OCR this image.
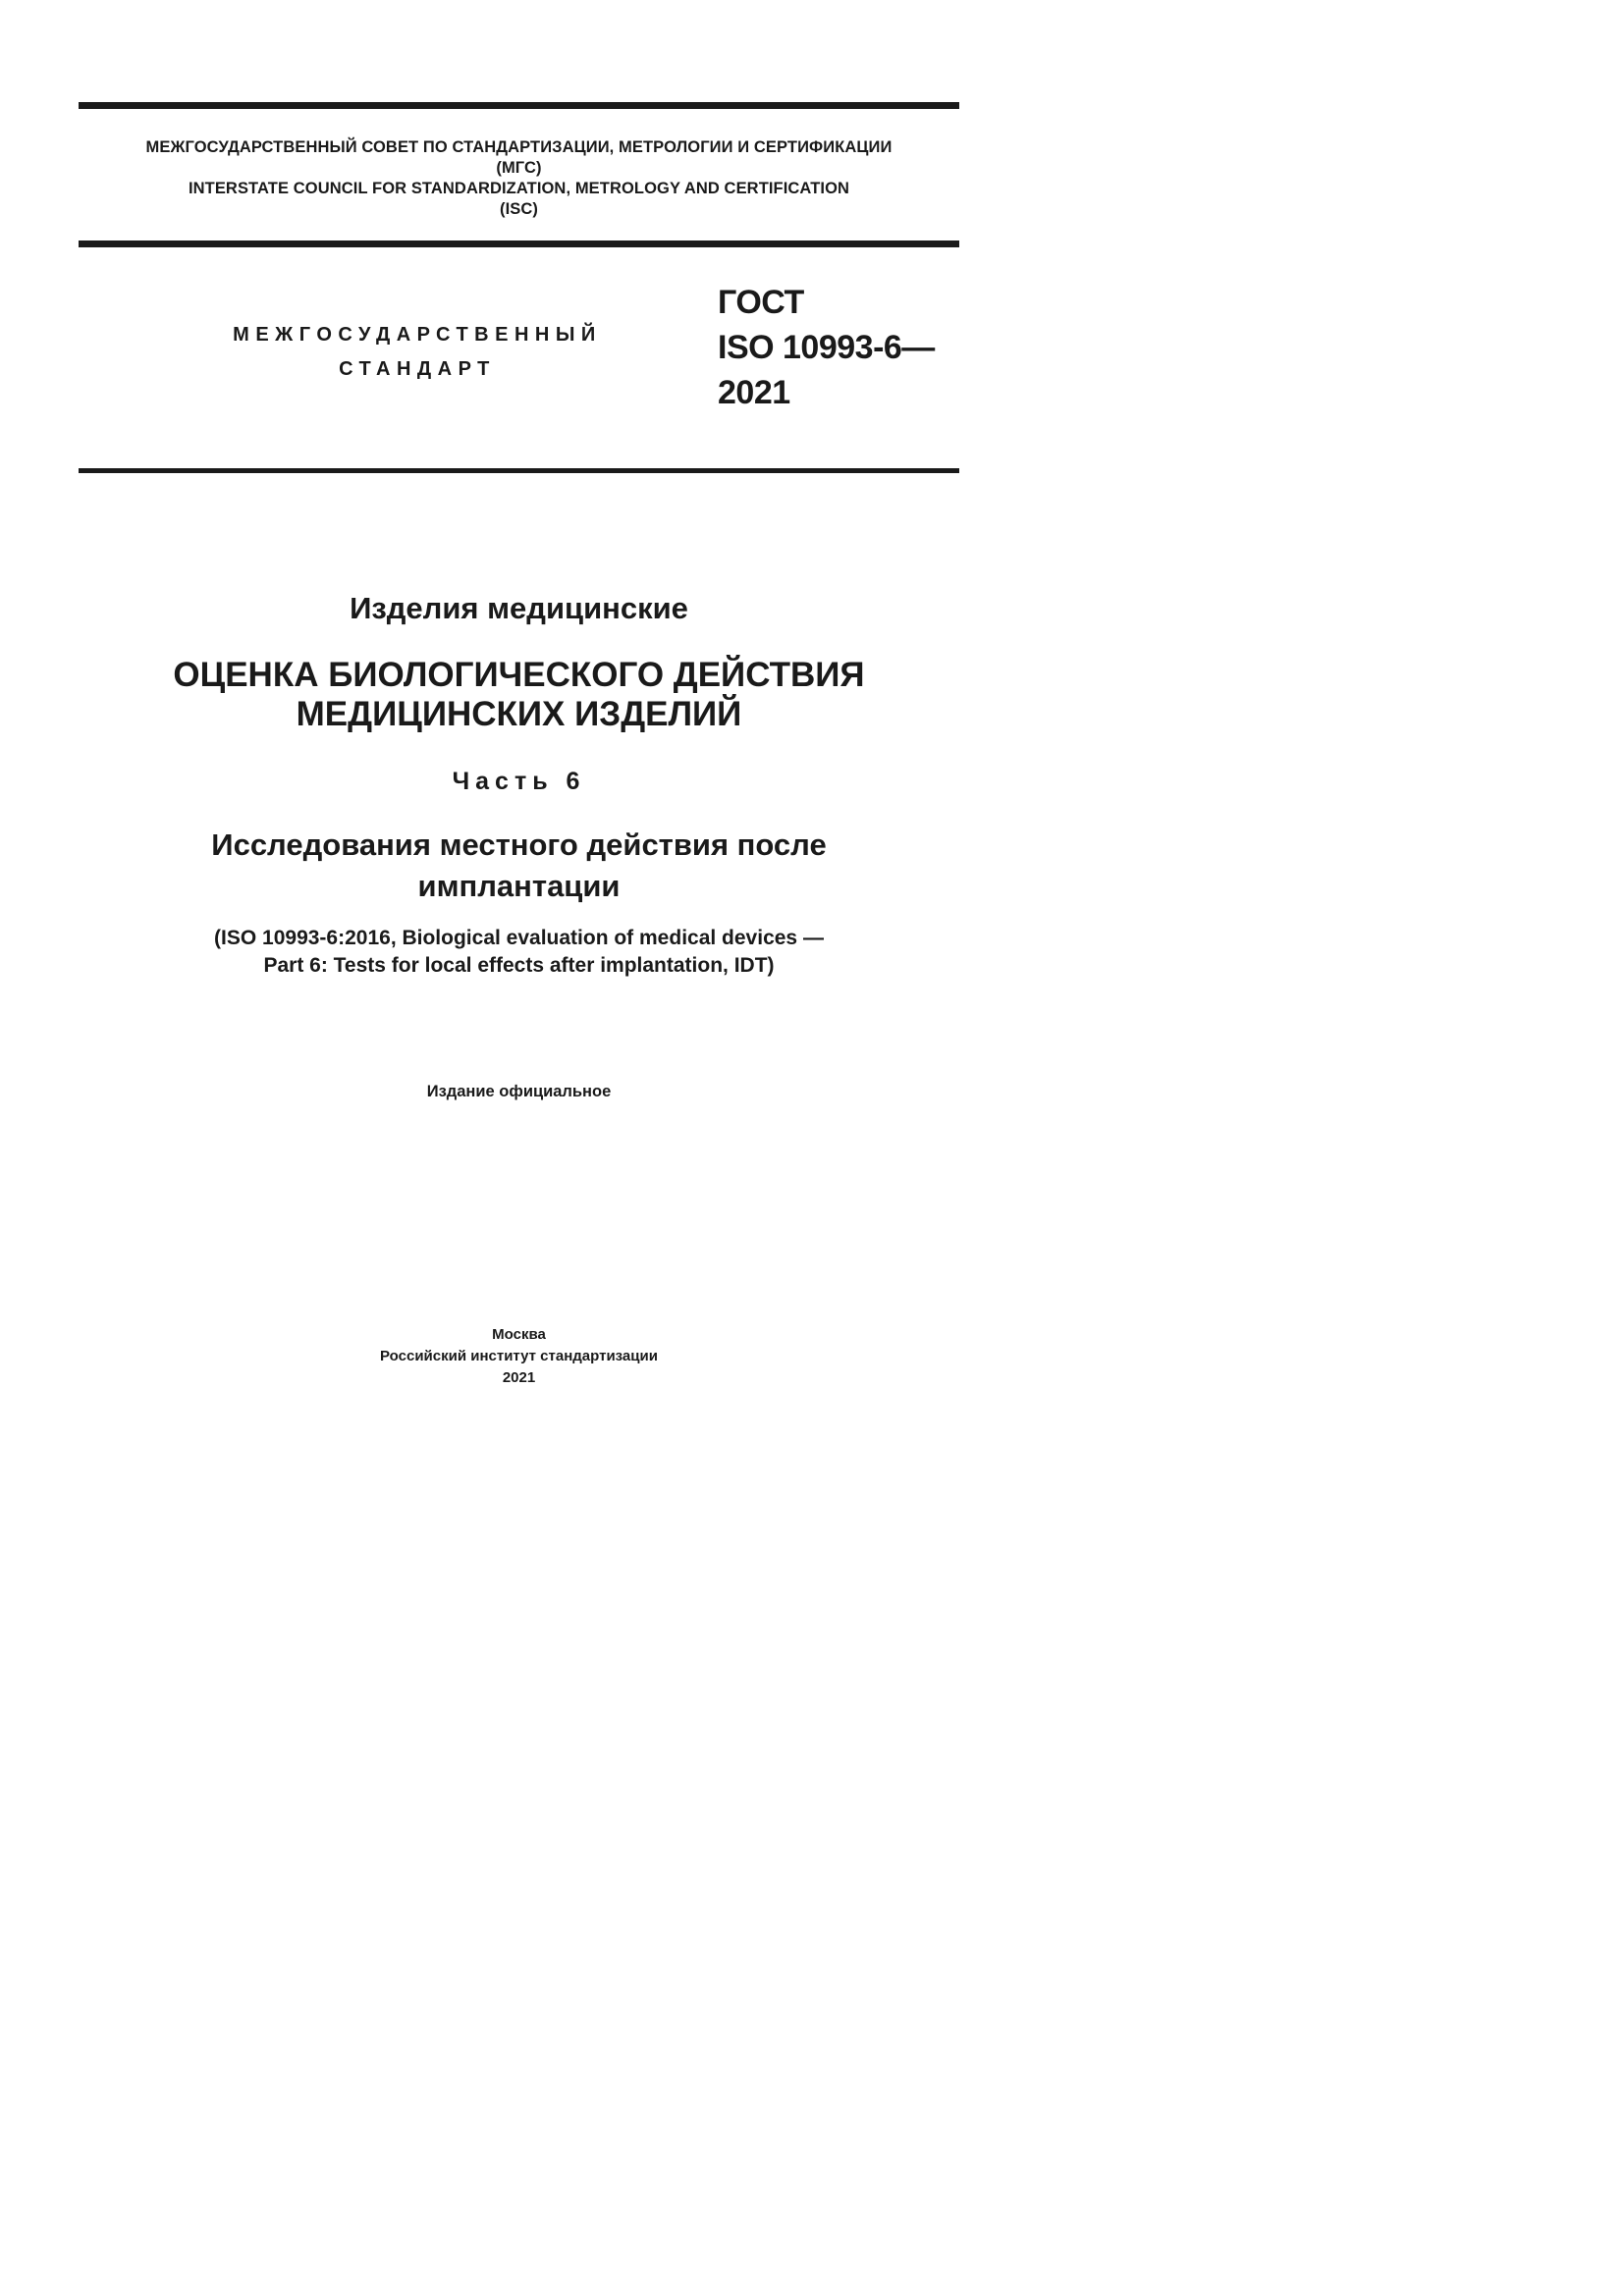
МЕЖГОСУДАРСТВЕННЫЙ СОВЕТ ПО СТАНДАРТИЗАЦИИ, МЕТРОЛОГИИ И СЕРТИФИКАЦИИ
(МГС)
INTERSTATE COUNCIL FOR STANDARDIZATION, METROLOGY AND CERTIFICATION
(ISC)
МЕЖГОСУДАРСТВЕННЫЙ
СТАНДАРТ
ГОСТ
ISO 10993-6—
2021
Изделия медицинские
ОЦЕНКА БИОЛОГИЧЕСКОГО ДЕЙСТВИЯ
МЕДИЦИНСКИХ ИЗДЕЛИЙ
Часть 6
Исследования местного действия после
имплантации
(ISO 10993-6:2016, Biological evaluation of medical devices —
Part 6: Tests for local effects after implantation, IDT)
Издание официальное
Москва
Российский институт стандартизации
2021
